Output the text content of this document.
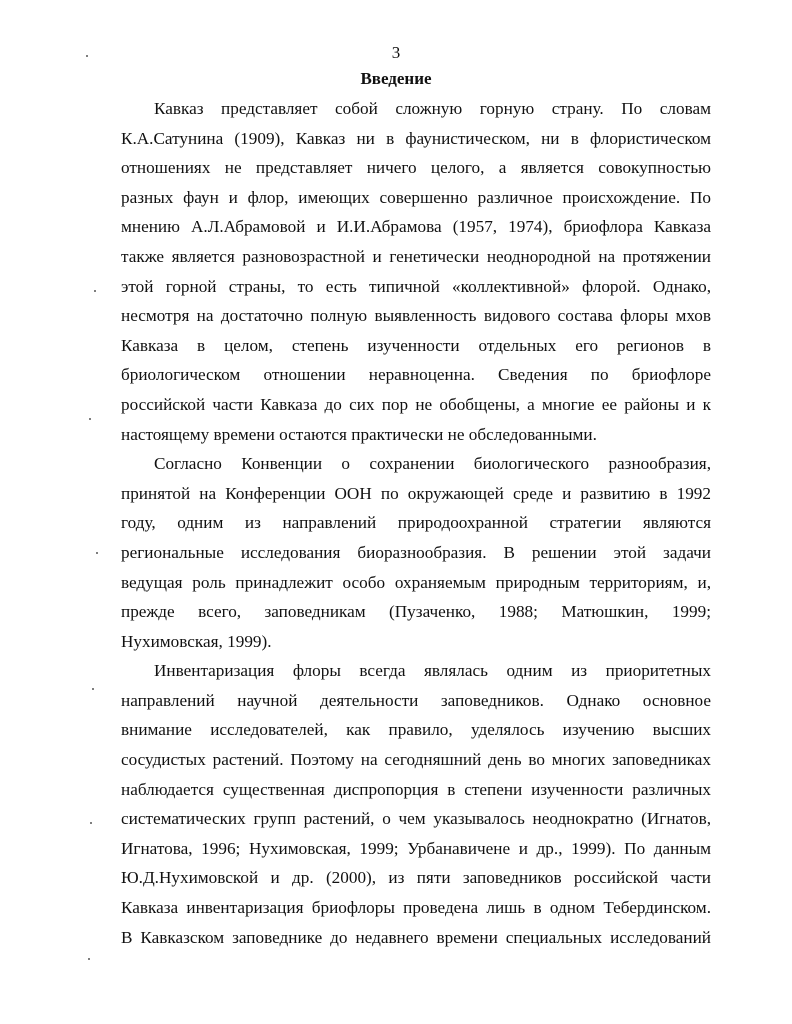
3
Введение
Кавказ представляет собой сложную горную страну. По словам
К.А.Сатунина (1909), Кавказ ни в фаунистическом, ни в флористическом
отношениях не представляет ничего целого, а является совокупностью
разных фаун и флор, имеющих совершенно различное происхождение. По
мнению А.Л.Абрамовой и И.И.Абрамова (1957, 1974), бриофлора Кавказа
также является разновозрастной и генетически неоднородной на протяжении
этой горной страны, то есть типичной «коллективной» флорой. Однако,
несмотря на достаточно полную выявленность видового состава флоры мхов
Кавказа в целом, степень изученности отдельных его регионов в
бриологическом отношении неравноценна. Сведения по бриофлоре
российской части Кавказа до сих пор не обобщены, а многие ее районы и к
настоящему времени остаются практически не обследованными.
Согласно Конвенции о сохранении биологического разнообразия,
принятой на Конференции ООН по окружающей среде и развитию в 1992
году, одним из направлений природоохранной стратегии являются
региональные исследования биоразнообразия. В решении этой задачи
ведущая роль принадлежит особо охраняемым природным территориям, и,
прежде всего, заповедникам (Пузаченко, 1988; Матюшкин, 1999;
Нухимовская, 1999).
Инвентаризация флоры всегда являлась одним из приоритетных
направлений научной деятельности заповедников. Однако основное
внимание исследователей, как правило, уделялось изучению высших
сосудистых растений. Поэтому на сегодняшний день во многих заповедниках
наблюдается существенная диспропорция в степени изученности различных
систематических групп растений, о чем указывалось неоднократно (Игнатов,
Игнатова, 1996; Нухимовская, 1999; Урбанавичене и др., 1999). По данным
Ю.Д.Нухимовской и др. (2000), из пяти заповедников российской части
Кавказа инвентаризация бриофлоры проведена лишь в одном Тебердинском.
В Кавказском заповеднике до недавнего времени специальных исследований
